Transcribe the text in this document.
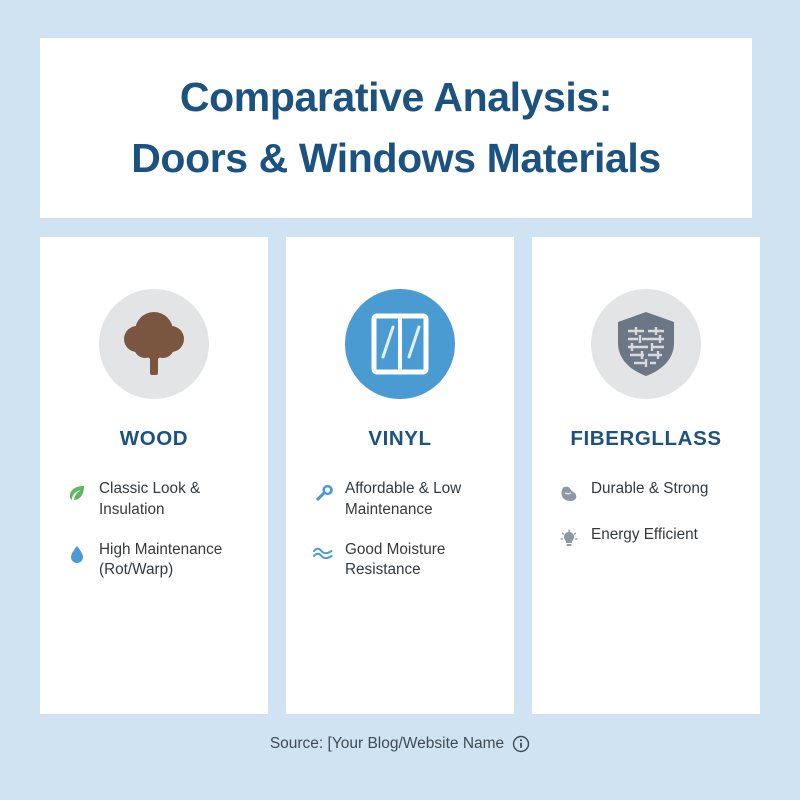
Comparative Analysis:
Doors & Windows Materials
WOOD
Classic Look & Insulation
High Maintenance (Rot/Warp)
VINYL
Affordable & Low Maintenance
Good Moisture Resistance
FIBERGLLASS
Durable & Strong
Energy Efficient
Source: [Your Blog/Website Name
